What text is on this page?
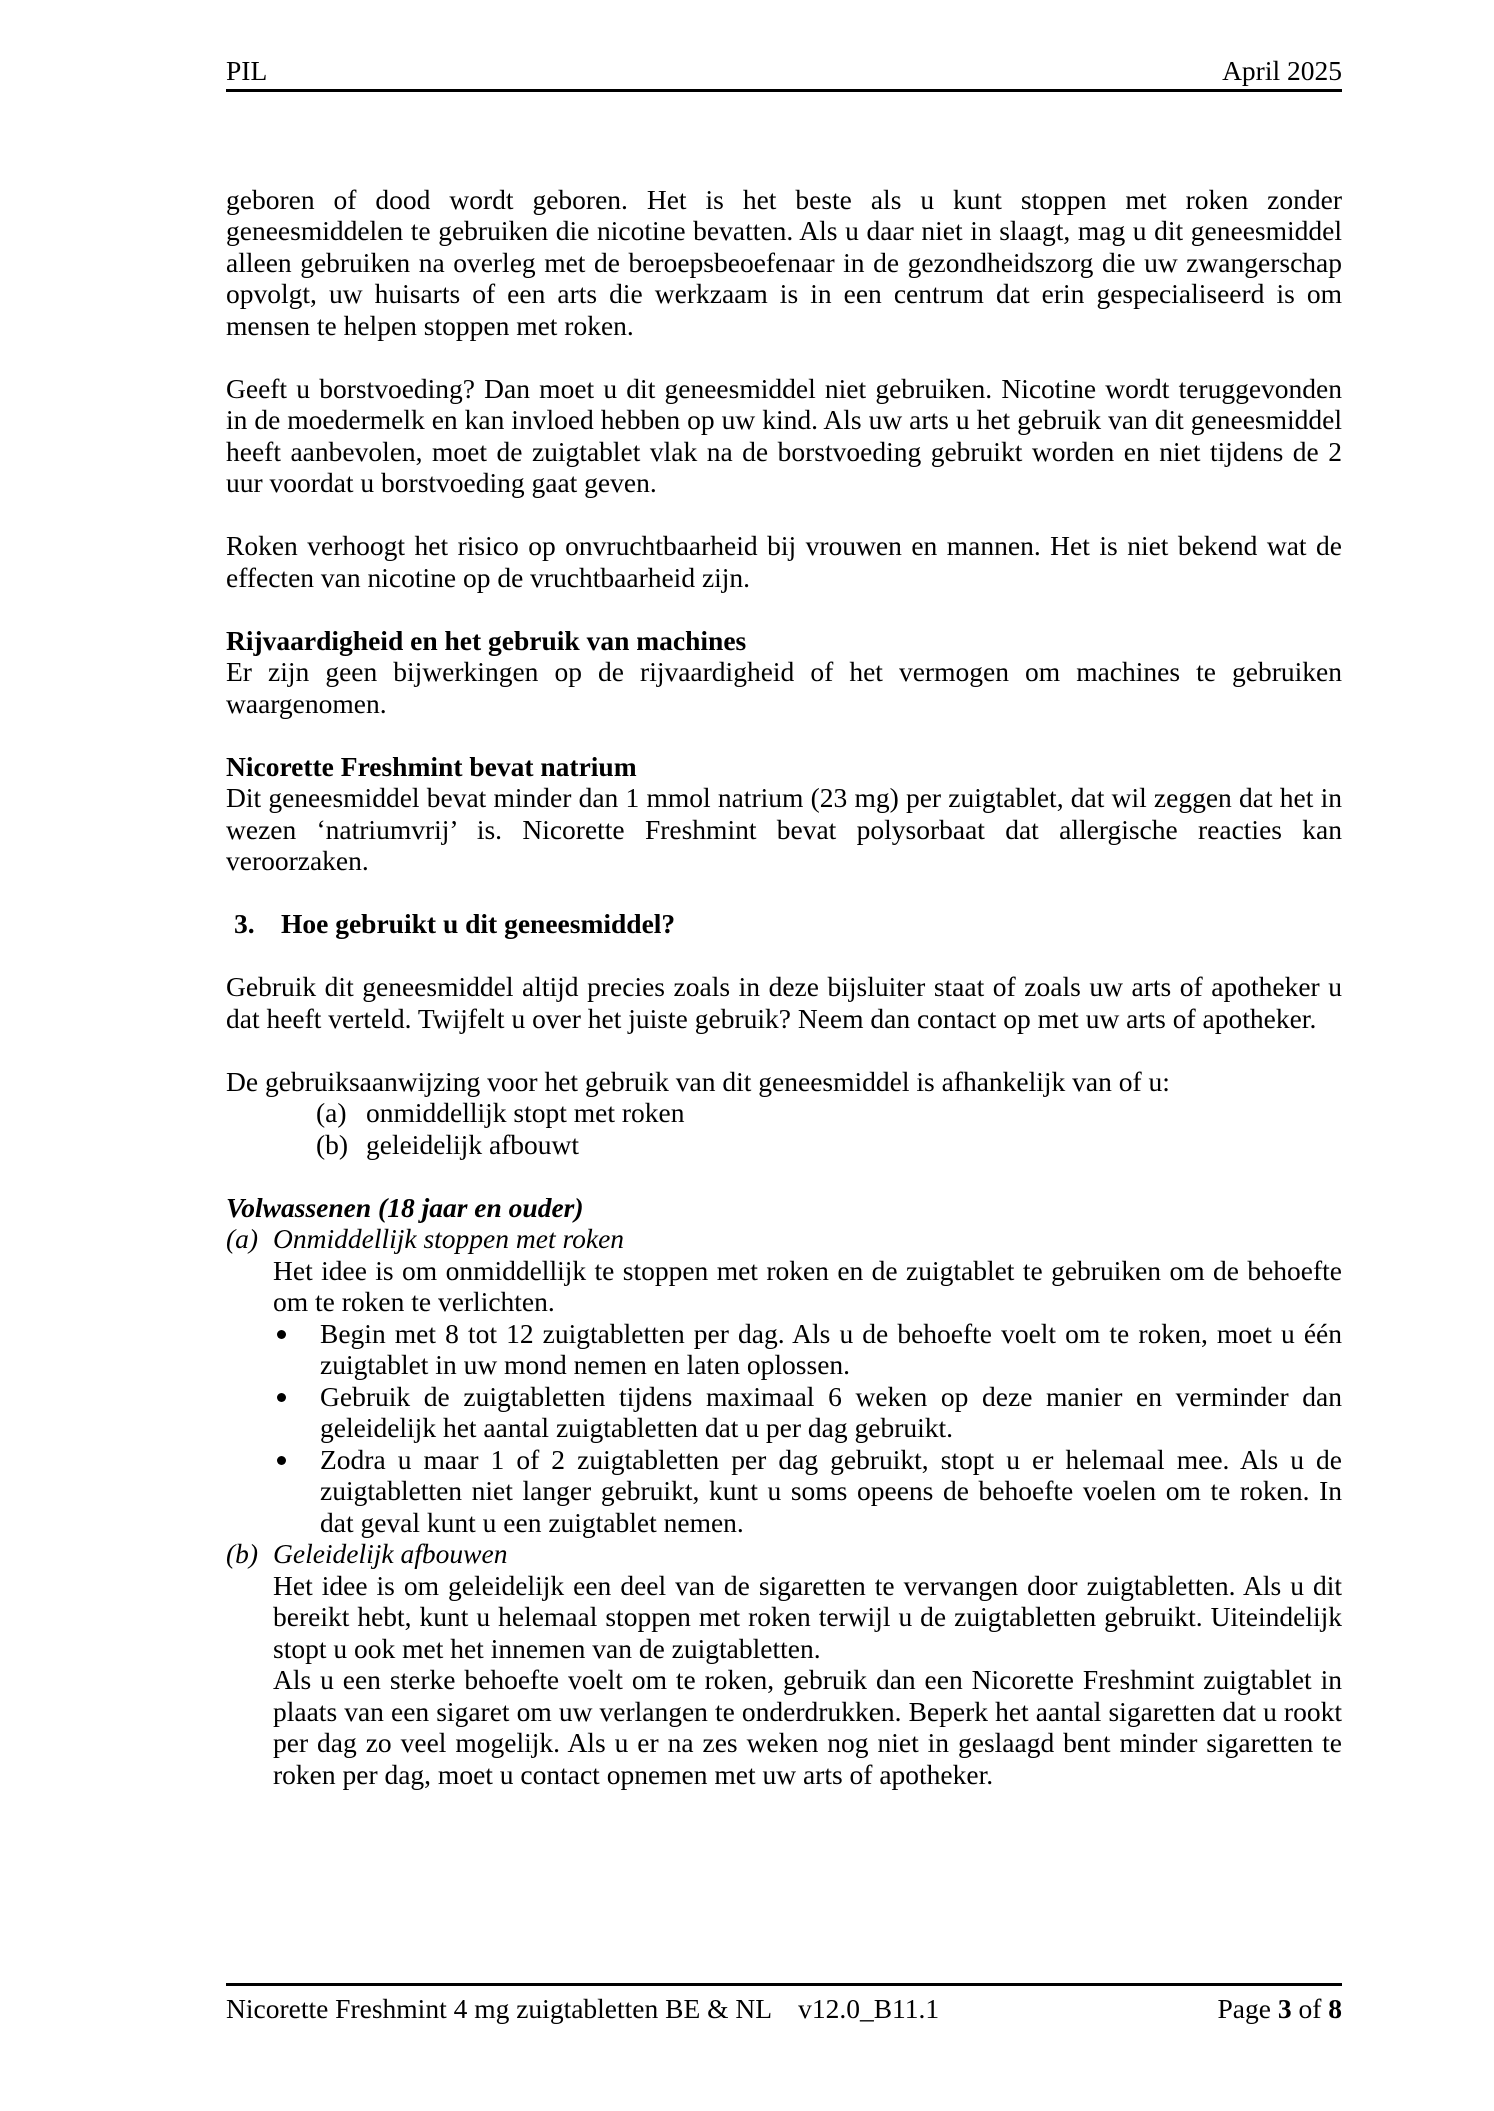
PIL	April 2025

geboren of dood wordt geboren. Het is het beste als u kunt stoppen met roken zonder geneesmiddelen te gebruiken die nicotine bevatten. Als u daar niet in slaagt, mag u dit geneesmiddel alleen gebruiken na overleg met de beroepsbeoefenaar in de gezondheidszorg die uw zwangerschap opvolgt, uw huisarts of een arts die werkzaam is in een centrum dat erin gespecialiseerd is om mensen te helpen stoppen met roken.

Geeft u borstvoeding? Dan moet u dit geneesmiddel niet gebruiken. Nicotine wordt teruggevonden in de moedermelk en kan invloed hebben op uw kind. Als uw arts u het gebruik van dit geneesmiddel heeft aanbevolen, moet de zuigtablet vlak na de borstvoeding gebruikt worden en niet tijdens de 2 uur voordat u borstvoeding gaat geven.

Roken verhoogt het risico op onvruchtbaarheid bij vrouwen en mannen. Het is niet bekend wat de effecten van nicotine op de vruchtbaarheid zijn.

Rijvaardigheid en het gebruik van machines

Er zijn geen bijwerkingen op de rijvaardigheid of het vermogen om machines te gebruiken waargenomen.

Nicorette Freshmint bevat natrium

Dit geneesmiddel bevat minder dan 1 mmol natrium (23 mg) per zuigtablet, dat wil zeggen dat het in wezen ‘natriumvrij’ is. Nicorette Freshmint bevat polysorbaat dat allergische reacties kan veroorzaken.

3. Hoe gebruikt u dit geneesmiddel?

Gebruik dit geneesmiddel altijd precies zoals in deze bijsluiter staat of zoals uw arts of apotheker u dat heeft verteld. Twijfelt u over het juiste gebruik? Neem dan contact op met uw arts of apotheker.

De gebruiksaanwijzing voor het gebruik van dit geneesmiddel is afhankelijk van of u:

(a) onmiddellijk stopt met roken
(b) geleidelijk afbouwt
Volwassenen (18 jaar en ouder)
(a) Onmiddellijk stoppen met roken

Het idee is om onmiddellijk te stoppen met roken en de zuigtablet te gebruiken om de behoefte om te roken te verlichten.

Begin met 8 tot 12 zuigtabletten per dag. Als u de behoefte voelt om te roken, moet u één zuigtablet in uw mond nemen en laten oplossen.
Gebruik de zuigtabletten tijdens maximaal 6 weken op deze manier en verminder dan geleidelijk het aantal zuigtabletten dat u per dag gebruikt.
Zodra u maar 1 of 2 zuigtabletten per dag gebruikt, stopt u er helemaal mee. Als u de zuigtabletten niet langer gebruikt, kunt u soms opeens de behoefte voelen om te roken. In dat geval kunt u een zuigtablet nemen.
(b) Geleidelijk afbouwen

Het idee is om geleidelijk een deel van de sigaretten te vervangen door zuigtabletten. Als u dit bereikt hebt, kunt u helemaal stoppen met roken terwijl u de zuigtabletten gebruikt. Uiteindelijk stopt u ook met het innemen van de zuigtabletten.

Als u een sterke behoefte voelt om te roken, gebruik dan een Nicorette Freshmint zuigtablet in plaats van een sigaret om uw verlangen te onderdrukken. Beperk het aantal sigaretten dat u rookt per dag zo veel mogelijk. Als u er na zes weken nog niet in geslaagd bent minder sigaretten te roken per dag, moet u contact opnemen met uw arts of apotheker.

Nicorette Freshmint 4 mg zuigtabletten BE & NL v12.0_B11.1	Page 3 of 8
